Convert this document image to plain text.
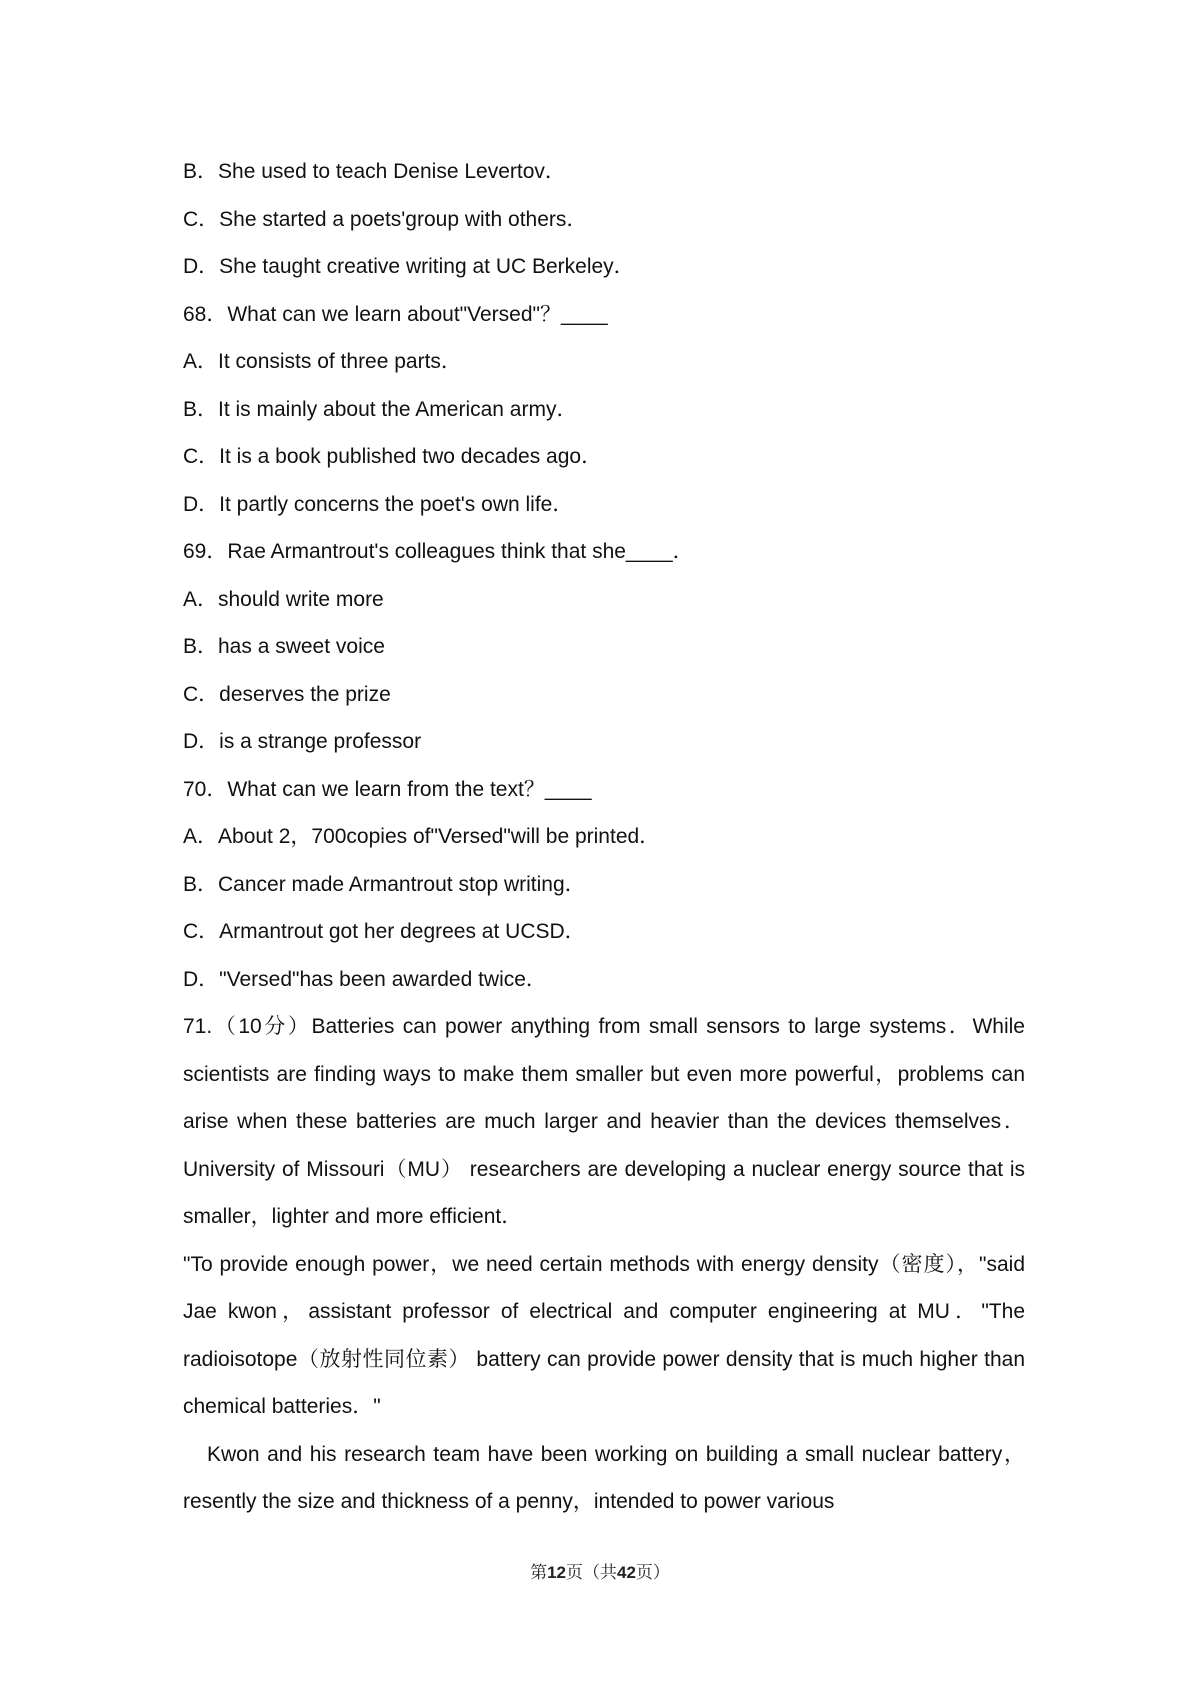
B．She used to teach Denise Levertov．
C．She started a poets'group with others．
D．She taught creative writing at UC Berkeley．
68．What can we learn about"Versed"？____
A．It consists of three parts．
B．It is mainly about the American army．
C．It is a book published two decades ago．
D．It partly concerns the poet's own life．
69．Rae Armantrout's colleagues think that she____．
A．should write more
B．has a sweet voice
C．deserves the prize
D．is a strange professor
70．What can we learn from the text？____
A．About 2，700copies of"Versed"will be printed．
B．Cancer made Armantrout stop writing．
C．Armantrout got her degrees at UCSD．
D．"Versed"has been awarded twice．

71.（10分）Batteries can power anything from small sensors to large systems．While scientists are finding ways to make them smaller but even more powerful，problems can arise when these batteries are much larger and heavier than the devices themselves．University of Missouri（MU） researchers are developing a nuclear energy source that is smaller，lighter and more efficient．

"To provide enough power，we need certain methods with energy density（密度），"said Jae kwon，assistant professor of electrical and computer engineering at MU．"The radioisotope（放射性同位素） battery can provide power density that is much higher than chemical batteries．"

Kwon and his research team have been working on building a small nuclear battery，resently the size and thickness of a penny，intended to power various

第12页（共42页）
